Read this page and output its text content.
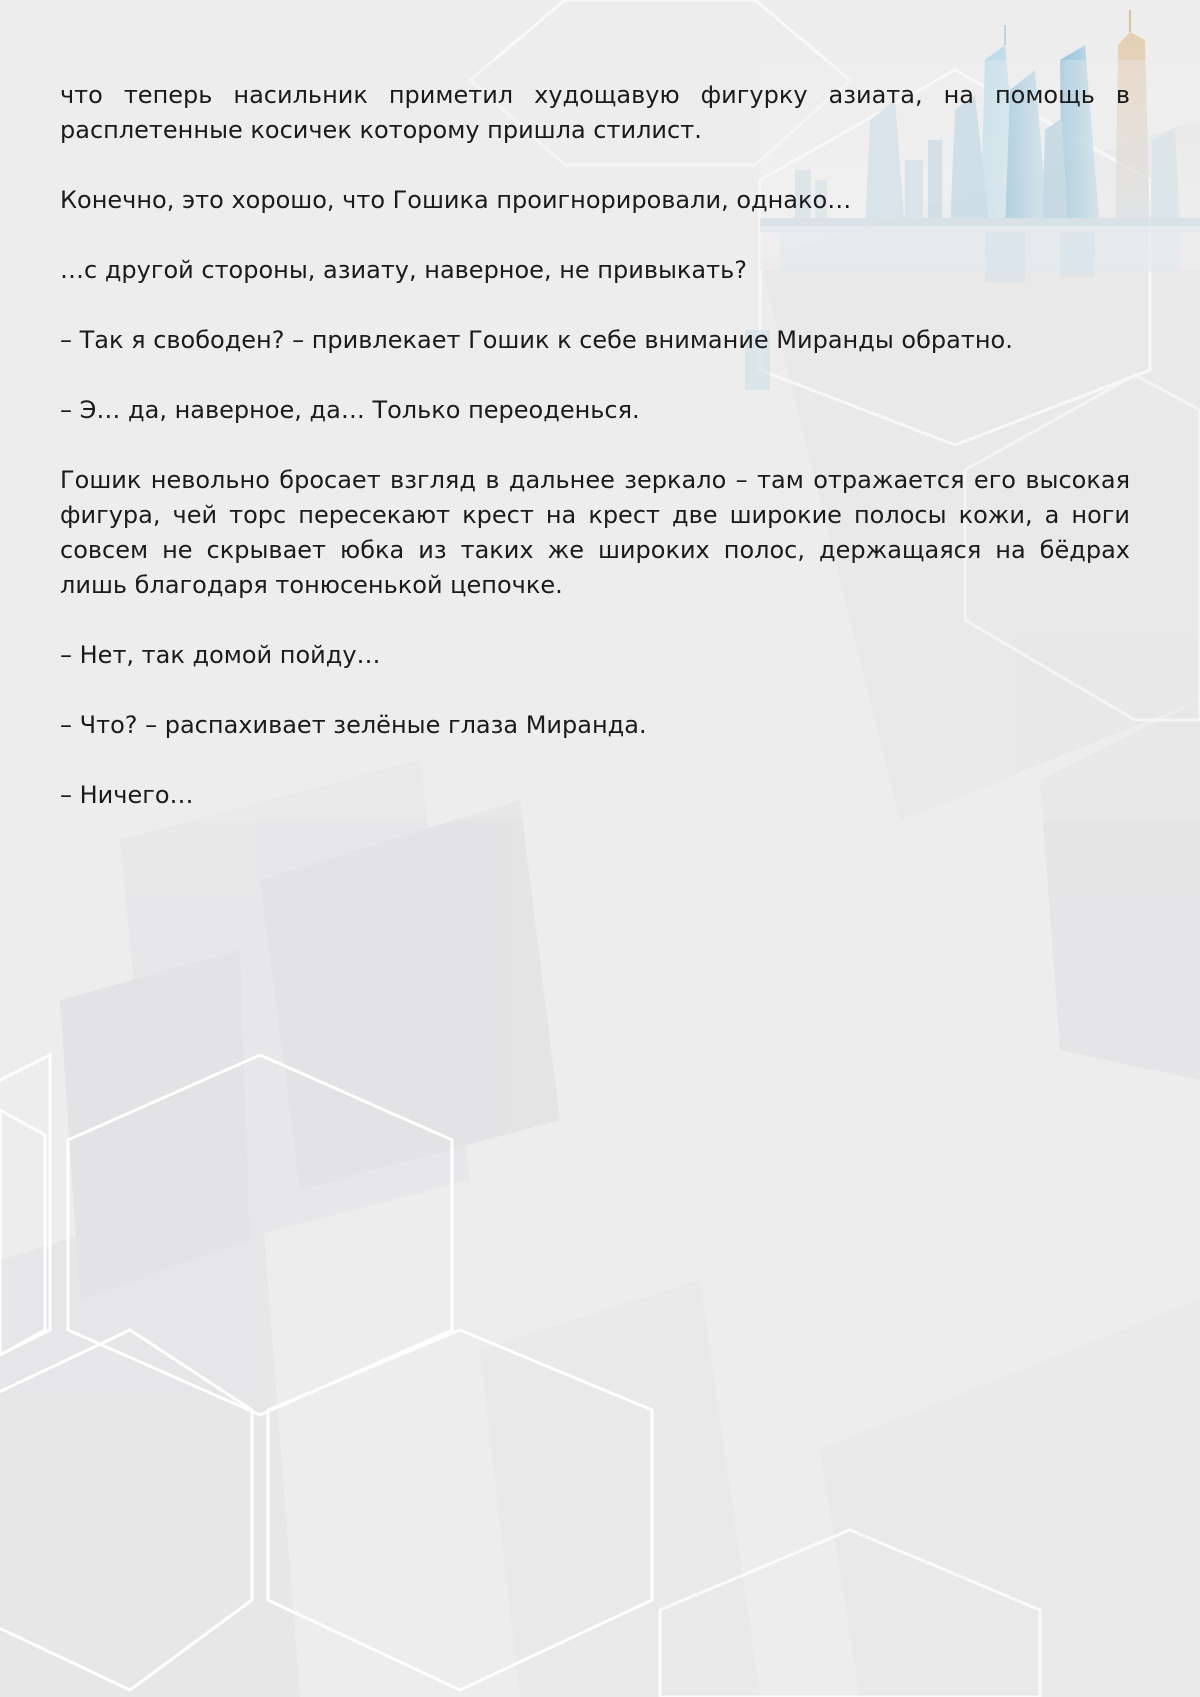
что теперь насильник приметил худощавую фигурку азиата, на помощь в расплетенные косичек которому пришла стилист.

Конечно, это хорошо, что Гошика проигнорировали, однако…

…с другой стороны, азиату, наверное, не привыкать?

– Так я свободен? – привлекает Гошик к себе внимание Миранды обратно.

– Э… да, наверное, да… Только переоденься.

Гошик невольно бросает взгляд в дальнее зеркало – там отражается его высокая фигура, чей торс пересекают крест на крест две широкие полосы кожи, а ноги совсем не скрывает юбка из таких же широких полос, держащаяся на бёдрах лишь благодаря тонюсенькой цепочке.

– Нет, так домой пойду…

– Что? – распахивает зелёные глаза Миранда.

– Ничего…
